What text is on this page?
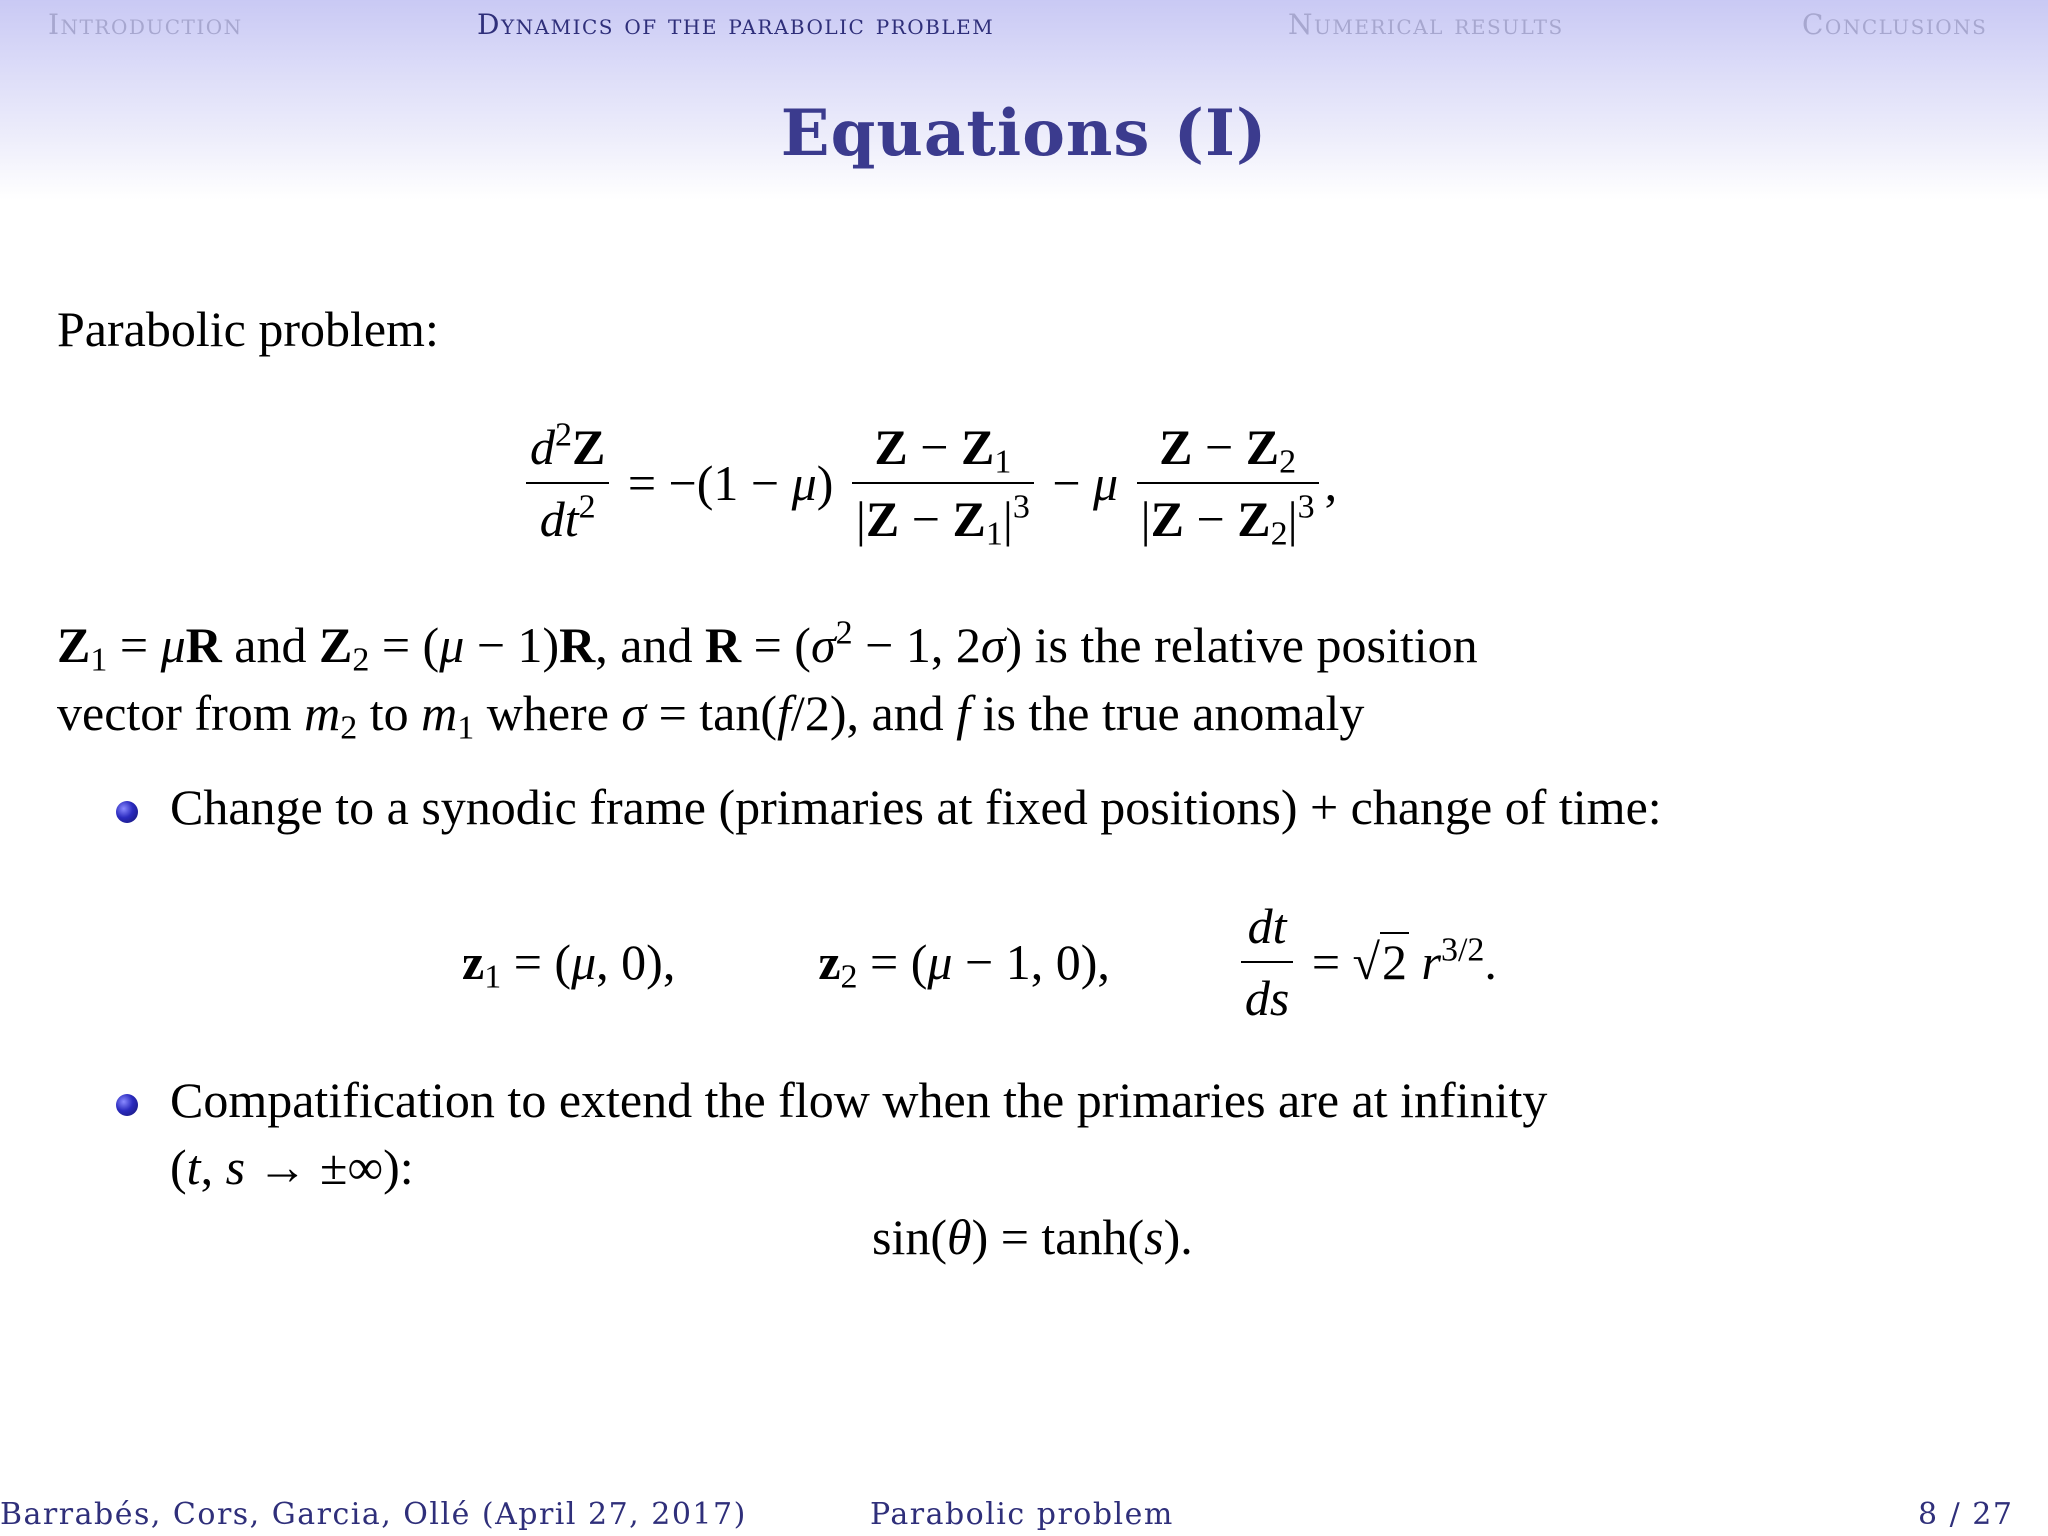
Introduction	Dynamics of the parabolic problem	Numerical results	Conclusions
Equations (I)
Parabolic problem:
$\frac{d^2Z}{dt^2} = -(1 - \mu) \frac{Z - Z_1}{|Z - Z_1|^3} - \mu \frac{Z - Z_2}{|Z - Z_2|^3}$ ,
$Z_1 = \mu R$ and $Z_2 = (\mu - 1)R$, and $R = (\sigma^2 - 1$, 2σ) is the relative position
vector from $m_2$ to $m_1$ where σ = tan(f/2), and f is the true anomaly
Change to a synodic frame (primaries at fixed positions) + change of time:
$z_1 = (\mu$, 0),	$z_2 = (\mu - 1$, 0),	$\frac{dt}{ds} = √2$ $r^{3/2}$.
Compatification to extend the flow when the primaries are at infinity
(t, s → ±∞):
sin(θ) = tanh(s).
Barrabés, Cors, Garcia, Ollé (April 27, 2017)	Parabolic problem	8 / 27
